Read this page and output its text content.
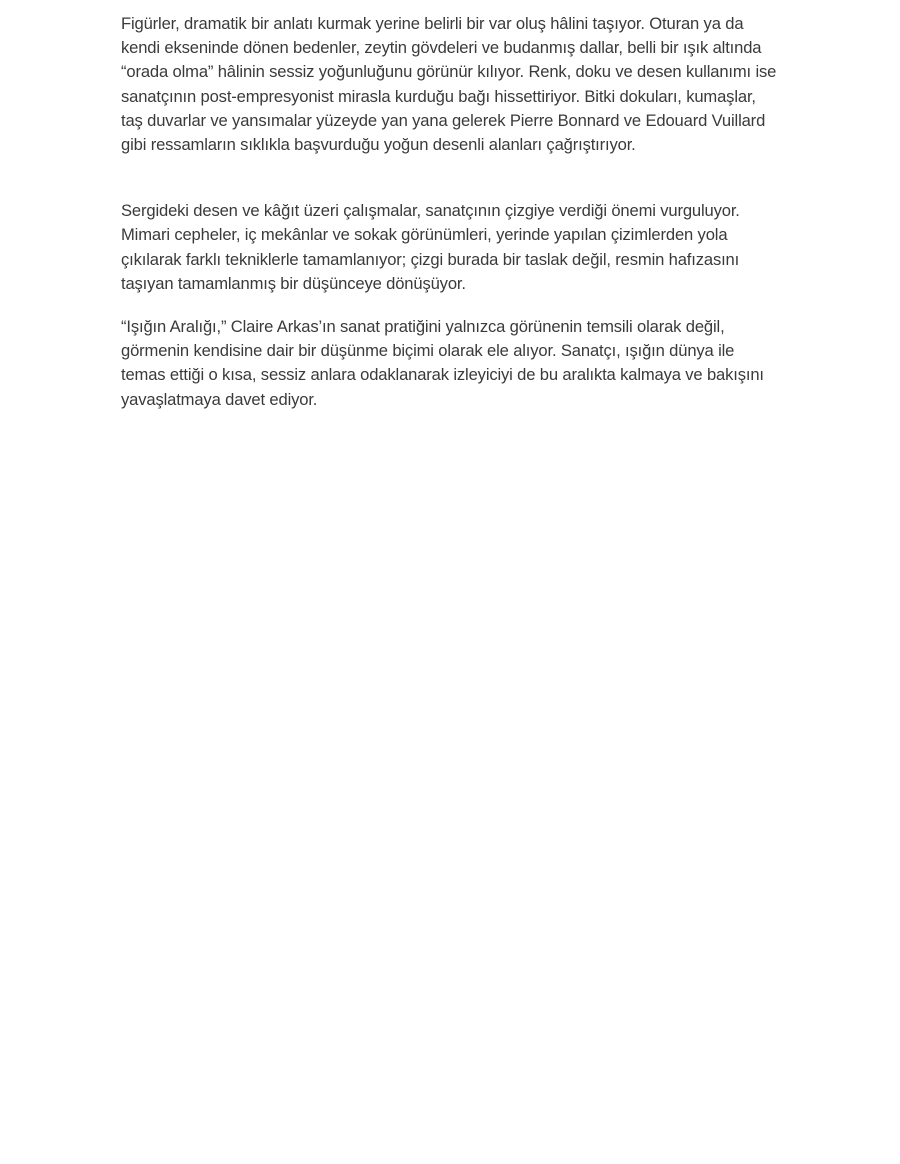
Figürler, dramatik bir anlatı kurmak yerine belirli bir var oluş hâlini taşıyor. Oturan ya da
kendi ekseninde dönen bedenler, zeytin gövdeleri ve budanmış dallar, belli bir ışık altında
“orada olma” hâlinin sessiz yoğunluğunu görünür kılıyor. Renk, doku ve desen kullanımı ise
sanatçının post-empresyonist mirasla kurduğu bağı hissettiriyor. Bitki dokuları, kumaşlar,
taş duvarlar ve yansımalar yüzeyde yan yana gelerek Pierre Bonnard ve Edouard Vuillard
gibi ressamların sıklıkla başvurduğu yoğun desenli alanları çağrıştırıyor.

Sergideki desen ve kâğıt üzeri çalışmalar, sanatçının çizgiye verdiği önemi vurguluyor.
Mimari cepheler, iç mekânlar ve sokak görünümleri, yerinde yapılan çizimlerden yola
çıkılarak farklı tekniklerle tamamlanıyor; çizgi burada bir taslak değil, resmin hafızasını
taşıyan tamamlanmış bir düşünceye dönüşüyor.

“Işığın Aralığı,” Claire Arkas’ın sanat pratiğini yalnızca görünenin temsili olarak değil,
görmenin kendisine dair bir düşünme biçimi olarak ele alıyor. Sanatçı, ışığın dünya ile
temas ettiği o kısa, sessiz anlara odaklanarak izleyiciyi de bu aralıkta kalmaya ve bakışını
yavaşlatmaya davet ediyor.
